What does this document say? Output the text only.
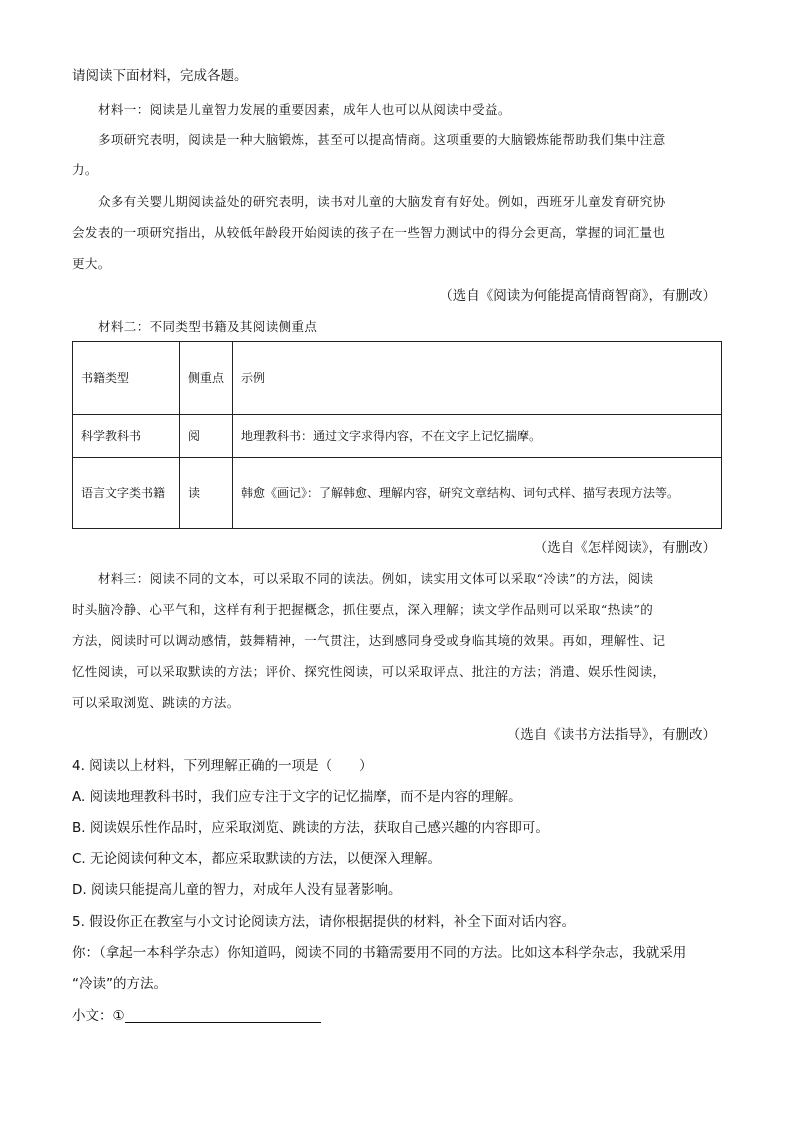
请阅读下面材料，完成各题。
材料一：阅读是儿童智力发展的重要因素，成年人也可以从阅读中受益。
多项研究表明，阅读是一种大脑锻炼，甚至可以提高情商。这项重要的大脑锻炼能帮助我们集中注意
力。
众多有关婴儿期阅读益处的研究表明，读书对儿童的大脑发育有好处。例如，西班牙儿童发育研究协
会发表的一项研究指出，从较低年龄段开始阅读的孩子在一些智力测试中的得分会更高，掌握的词汇量也
更大。
（选自《阅读为何能提高情商智商》，有删改）
材料二：不同类型书籍及其阅读侧重点
书籍类型	侧重点	示例
科学教科书	阅	地理教科书：通过文字求得内容，不在文字上记忆揣摩。
语言文字类书籍	读	韩愈《画记》：了解韩愈、理解内容，研究文章结构、词句式样、描写表现方法等。
（选自《怎样阅读》，有删改）
材料三：阅读不同的文本，可以采取不同的读法。例如，读实用文体可以采取“冷读”的方法，阅读
时头脑冷静、心平气和，这样有利于把握概念，抓住要点，深入理解；读文学作品则可以采取“热读”的
方法，阅读时可以调动感情，鼓舞精神，一气贯注，达到感同身受或身临其境的效果。再如，理解性、记
忆性阅读，可以采取默读的方法；评价、探究性阅读，可以采取评点、批注的方法；消遣、娱乐性阅读，
可以采取浏览、跳读的方法。
（选自《读书方法指导》，有删改）
4. 阅读以上材料，下列理解正确的一项是（　　）
A. 阅读地理教科书时，我们应专注于文字的记忆揣摩，而不是内容的理解。
B. 阅读娱乐性作品时，应采取浏览、跳读的方法，获取自己感兴趣的内容即可。
C. 无论阅读何种文本，都应采取默读的方法，以便深入理解。
D. 阅读只能提高儿童的智力，对成年人没有显著影响。
5. 假设你正在教室与小文讨论阅读方法，请你根据提供的材料，补全下面对话内容。
你：（拿起一本科学杂志）你知道吗，阅读不同的书籍需要用不同的方法。比如这本科学杂志，我就采用
“冷读”的方法。
小文：①
